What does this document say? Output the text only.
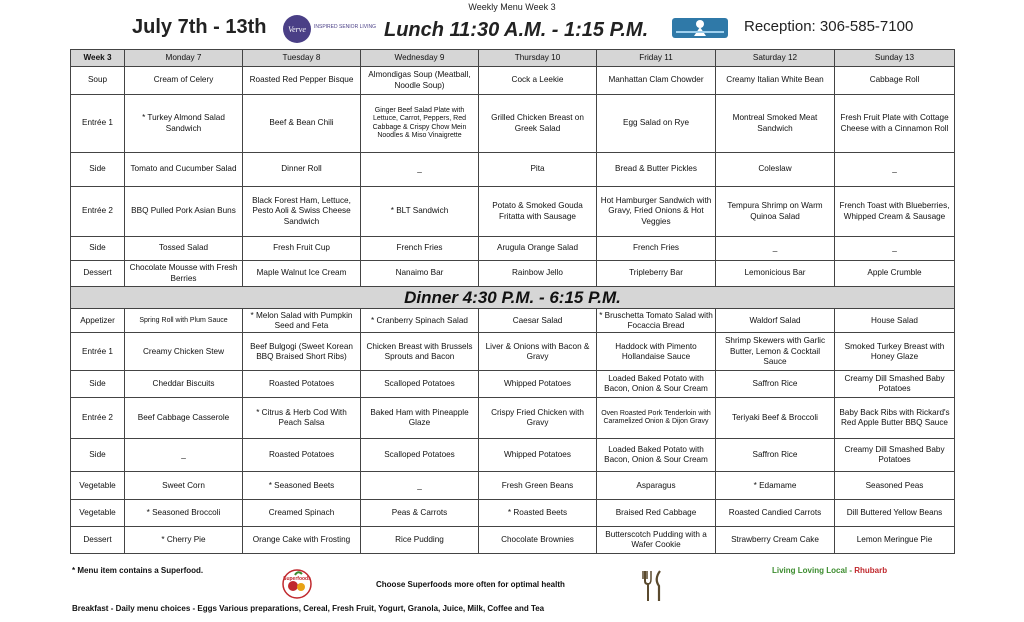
Weekly Menu Week 3
July 7th - 13th	Verve INSPIRED SENIOR LIVING Lunch 11:30 A.M. - 1:15 P.M.	Reception: 306-585-7100
Week 3	Monday 7	Tuesday 8	Wednesday 9	Thursday 10	Friday 11	Saturday 12	Sunday 13
Soup	Cream of Celery	Roasted Red Pepper Bisque	Almondigas Soup (Meatball, Noodle Soup)	Cock a Leekie	Manhattan Clam Chowder	Creamy Italian White Bean	Cabbage Roll
Entrée 1	* Turkey Almond Salad Sandwich	Beef & Bean Chili	Ginger Beef Salad Plate with Lettuce, Carrot, Peppers, Red Cabbage & Crispy Chow Mein Noodles & Miso Vinaigrette	Grilled Chicken Breast on Greek Salad	Egg Salad on Rye	Montreal Smoked Meat Sandwich	Fresh Fruit Plate with Cottage Cheese with a Cinnamon Roll
Side	Tomato and Cucumber Salad	Dinner Roll	_	Pita	Bread & Butter Pickles	Coleslaw	_
Entrée 2	BBQ Pulled Pork Asian Buns	Black Forest Ham, Lettuce, Pesto Aoli & Swiss Cheese Sandwich	* BLT Sandwich	Potato & Smoked Gouda Fritatta with Sausage	Hot Hamburger Sandwich with Gravy, Fried Onions & Hot Veggies	Tempura Shrimp on Warm Quinoa Salad	French Toast with Blueberries, Whipped Cream & Sausage
Side	Tossed Salad	Fresh Fruit Cup	French Fries	Arugula Orange Salad	French Fries	_	_
Dessert	Chocolate Mousse with Fresh Berries	Maple Walnut Ice Cream	Nanaimo Bar	Rainbow Jello	Tripleberry Bar	Lemonicious Bar	Apple Crumble
Dinner 4:30 P.M. - 6:15 P.M.							
Appetizer	Spring Roll with Plum Sauce	* Melon Salad with Pumpkin Seed and Feta	* Cranberry Spinach Salad	Caesar Salad	* Bruschetta Tomato Salad with Focaccia Bread	Waldorf Salad	House Salad
Entrée 1	Creamy Chicken Stew	Beef Bulgogi (Sweet Korean BBQ Braised Short Ribs)	Chicken Breast with Brussels Sprouts and Bacon	Liver & Onions with Bacon & Gravy	Haddock with Pimento Hollandaise Sauce	Shrimp Skewers with Garlic Butter, Lemon & Cocktail Sauce	Smoked Turkey Breast with Honey Glaze
Side	Cheddar Biscuits	Roasted Potatoes	Scalloped Potatoes	Whipped Potatoes	Loaded Baked Potato with Bacon, Onion & Sour Cream	Saffron Rice	Creamy Dill Smashed Baby Potatoes
Entrée 2	Beef Cabbage Casserole	* Citrus & Herb Cod With Peach Salsa	Baked Ham with Pineapple Glaze	Crispy Fried Chicken with Gravy	Oven Roasted Pork Tenderloin with Caramelized Onion & Dijon Gravy	Teriyaki Beef & Broccoli	Baby Back Ribs with Rickard's Red Apple Butter BBQ Sauce
Side	_	Roasted Potatoes	Scalloped Potatoes	Whipped Potatoes	Loaded Baked Potato with Bacon, Onion & Sour Cream	Saffron Rice	Creamy Dill Smashed Baby Potatoes
Vegetable	Sweet Corn	* Seasoned Beets	_	Fresh Green Beans	Asparagus	* Edamame	Seasoned Peas
Vegetable	* Seasoned Broccoli	Creamed Spinach	Peas & Carrots	* Roasted Beets	Braised Red Cabbage	Roasted Candied Carrots	Dill Buttered Yellow Beans
Dessert	* Cherry Pie	Orange Cake with Frosting	Rice Pudding	Chocolate Brownies	Butterscotch Pudding with a Wafer Cookie	Strawberry Cream Cake	Lemon Meringue Pie
* Menu item contains a Superfood.
Superfoods
Choose Superfoods more often for optimal health
Living Loving Local - Rhubarb
Breakfast - Daily menu choices - Eggs Various preparations, Cereal, Fresh Fruit, Yogurt, Granola, Juice, Milk, Coffee and Tea
